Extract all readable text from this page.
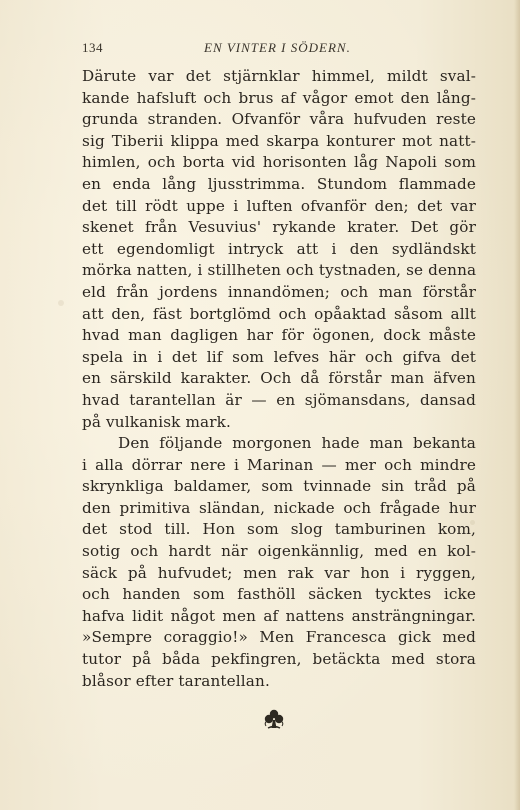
134	EN VINTER I SÖDERN.
Därute var det stjärnklar himmel, mildt sval-
kande hafsluft och brus af vågor emot den lång-
grunda stranden. Ofvanför våra hufvuden reste
sig Tiberii klippa med skarpa konturer mot natt-
himlen, och borta vid horisonten låg Napoli som
en enda lång ljusstrimma. Stundom flammade
det till rödt uppe i luften ofvanför den; det var
skenet från Vesuvius' rykande krater. Det gör
ett egendomligt intryck att i den sydländskt
mörka natten, i stillheten och tystnaden, se denna
eld från jordens innandömen; och man förstår
att den, fäst bortglömd och opåaktad såsom allt
hvad man dagligen har för ögonen, dock måste
spela in i det lif som lefves här och gifva det
en särskild karakter. Och då förstår man äfven
hvad tarantellan är — en sjömansdans, dansad
på vulkanisk mark.
Den följande morgonen hade man bekanta
i alla dörrar nere i Marinan — mer och mindre
skrynkliga baldamer, som tvinnade sin tråd på
den primitiva sländan, nickade och frågade hur
det stod till. Hon som slog tamburinen kom,
sotig och hardt när oigenkännlig, med en kol-
säck på hufvudet; men rak var hon i ryggen,
och handen som fasthöll säcken tycktes icke
hafva lidit något men af nattens ansträngningar.
»Sempre coraggio!» Men Francesca gick med
tutor på båda pekfingren, betäckta med stora
blåsor efter tarantellan.
